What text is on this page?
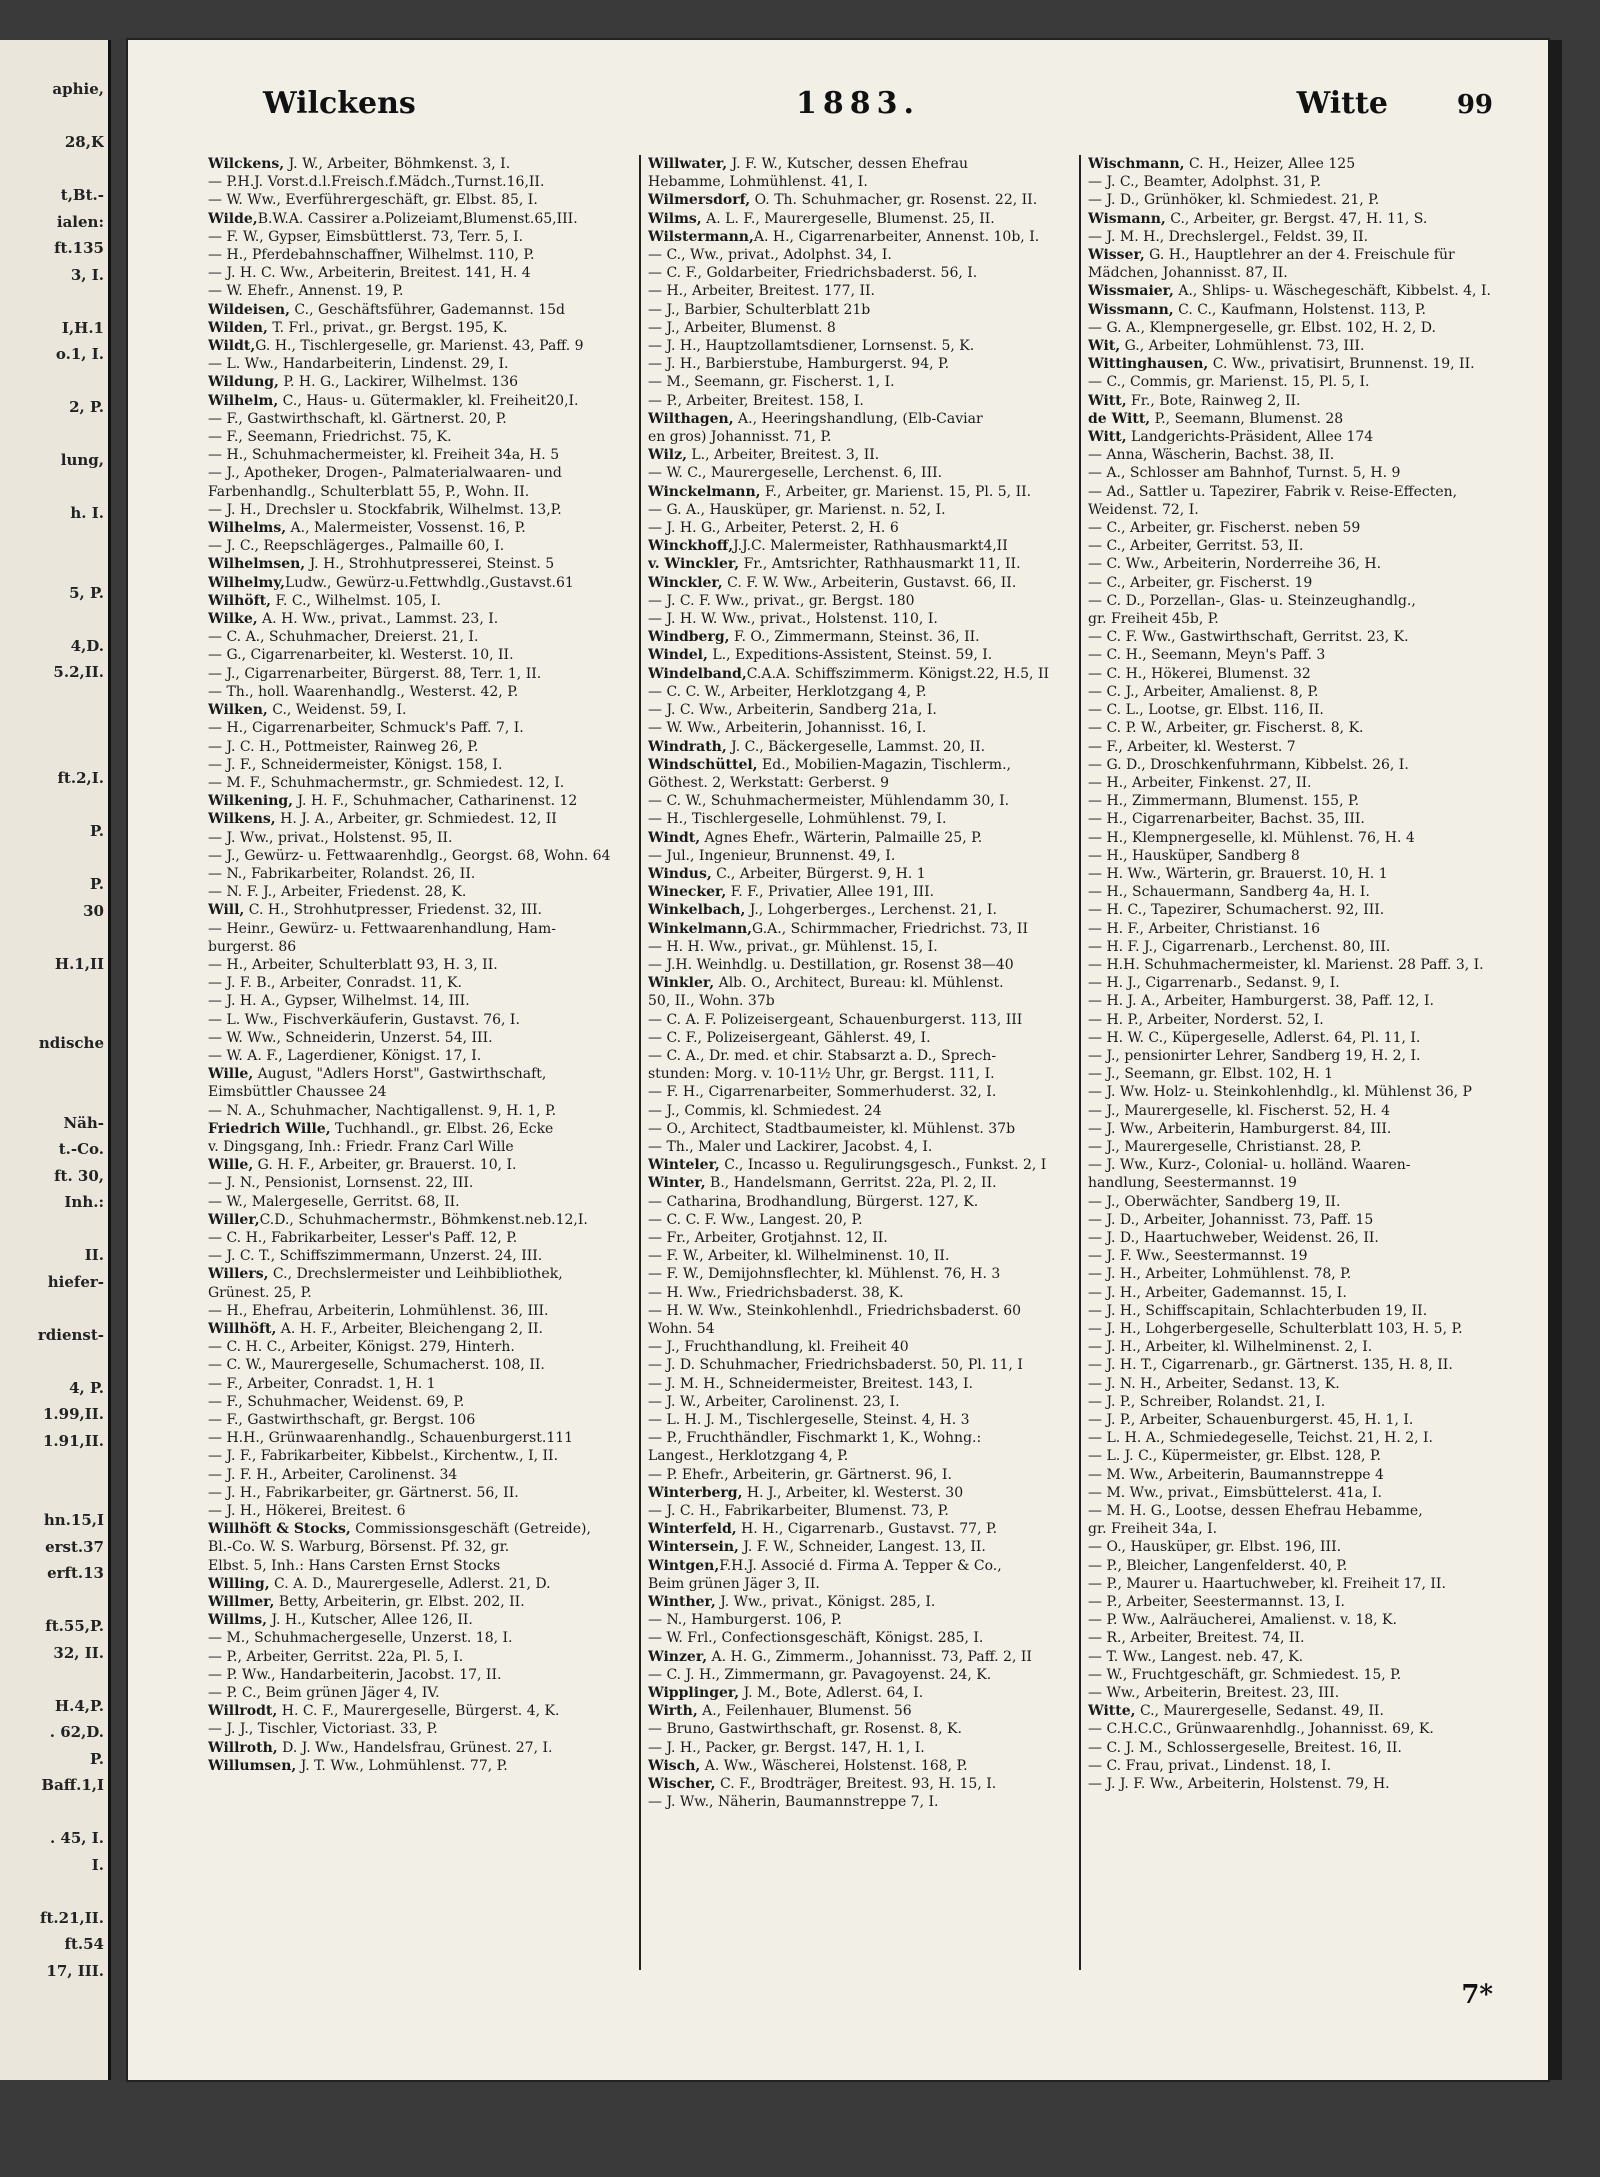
aphie,
28,K
t,Bt.-
ialen:
ft.135
3, I.
I,H.1
o.1, I.
2, P.
lung,
h. I.
5, P.
4,D.
5.2,II.
ft.2,I.
P.
P.
30
H.1,II
ndische
Näh-
t.-Co.
ft. 30,
Inh.:
II.
hiefer-
rdienst-
4, P.
1.99,II.
1.91,II.
hn.15,I
erst.37
erft.13
ft.55,P.
32, II.
H.4,P.
. 62,D.
P.
Baff.1,I
. 45, I.
I.
ft.21,II.
ft.54
17, III.
Wilckens	1883.	Witte	99
Wilckens, J. W., Arbeiter, Böhmkenst. 3, I.
— P.H.J. Vorst.d.l.Freisch.f.Mädch.,Turnst.16,II.
— W. Ww., Everführergeschäft, gr. Elbst. 85, I.
Wilde,B.W.A. Cassirer a.Polizeiamt,Blumenst.65,III.
— F. W., Gypser, Eimsbüttlerst. 73, Terr. 5, I.
— H., Pferdebahnschaffner, Wilhelmst. 110, P.
— J. H. C. Ww., Arbeiterin, Breitest. 141, H. 4
— W. Ehefr., Annenst. 19, P.
Wildeisen, C., Geschäftsführer, Gademannst. 15d
Wilden, T. Frl., privat., gr. Bergst. 195, K.
Wildt,G. H., Tischlergeselle, gr. Marienst. 43, Paff. 9
— L. Ww., Handarbeiterin, Lindenst. 29, I.
Wildung, P. H. G., Lackirer, Wilhelmst. 136
Wilhelm, C., Haus- u. Gütermakler, kl. Freiheit20,I.
— F., Gastwirthschaft, kl. Gärtnerst. 20, P.
— F., Seemann, Friedrichst. 75, K.
— H., Schuhmachermeister, kl. Freiheit 34a, H. 5
— J., Apotheker, Drogen-, Palmaterialwaaren- und
Farbenhandlg., Schulterblatt 55, P., Wohn. II.
— J. H., Drechsler u. Stockfabrik, Wilhelmst. 13,P.
Wilhelms, A., Malermeister, Vossenst. 16, P.
— J. C., Reepschlägerges., Palmaille 60, I.
Wilhelmsen, J. H., Strohhutpresserei, Steinst. 5
Wilhelmy,Ludw., Gewürz-u.Fettwhdlg.,Gustavst.61
Wilhöft, F. C., Wilhelmst. 105, I.
Wilke, A. H. Ww., privat., Lammst. 23, I.
— C. A., Schuhmacher, Dreierst. 21, I.
— G., Cigarrenarbeiter, kl. Westerst. 10, II.
— J., Cigarrenarbeiter, Bürgerst. 88, Terr. 1, II.
— Th., holl. Waarenhandlg., Westerst. 42, P.
Wilken, C., Weidenst. 59, I.
— H., Cigarrenarbeiter, Schmuck's Paff. 7, I.
— J. C. H., Pottmeister, Rainweg 26, P.
— J. F., Schneidermeister, Königst. 158, I.
— M. F., Schuhmachermstr., gr. Schmiedest. 12, I.
Wilkening, J. H. F., Schuhmacher, Catharinenst. 12
Wilkens, H. J. A., Arbeiter, gr. Schmiedest. 12, II
— J. Ww., privat., Holstenst. 95, II.
— J., Gewürz- u. Fettwaarenhdlg., Georgst. 68, Wohn. 64
— N., Fabrikarbeiter, Rolandst. 26, II.
— N. F. J., Arbeiter, Friedenst. 28, K.
Will, C. H., Strohhutpresser, Friedenst. 32, III.
— Heinr., Gewürz- u. Fettwaarenhandlung, Ham-
burgerst. 86
— H., Arbeiter, Schulterblatt 93, H. 3, II.
— J. F. B., Arbeiter, Conradst. 11, K.
— J. H. A., Gypser, Wilhelmst. 14, III.
— L. Ww., Fischverkäuferin, Gustavst. 76, I.
— W. Ww., Schneiderin, Unzerst. 54, III.
— W. A. F., Lagerdiener, Königst. 17, I.
Wille, August, "Adlers Horst", Gastwirthschaft,
Eimsbüttler Chaussee 24
— N. A., Schuhmacher, Nachtigallenst. 9, H. 1, P.
Friedrich Wille, Tuchhandl., gr. Elbst. 26, Ecke
v. Dingsgang, Inh.: Friedr. Franz Carl Wille
Wille, G. H. F., Arbeiter, gr. Brauerst. 10, I.
— J. N., Pensionist, Lornsenst. 22, III.
— W., Malergeselle, Gerritst. 68, II.
Willer,C.D., Schuhmachermstr., Böhmkenst.neb.12,I.
— C. H., Fabrikarbeiter, Lesser's Paff. 12, P.
— J. C. T., Schiffszimmermann, Unzerst. 24, III.
Willers, C., Drechslermeister und Leihbibliothek,
Grünest. 25, P.
— H., Ehefrau, Arbeiterin, Lohmühlenst. 36, III.
Willhöft, A. H. F., Arbeiter, Bleichengang 2, II.
— C. H. C., Arbeiter, Königst. 279, Hinterh.
— C. W., Maurergeselle, Schumacherst. 108, II.
— F., Arbeiter, Conradst. 1, H. 1
— F., Schuhmacher, Weidenst. 69, P.
— F., Gastwirthschaft, gr. Bergst. 106
— H.H., Grünwaarenhandlg., Schauenburgerst.111
— J. F., Fabrikarbeiter, Kibbelst., Kirchentw., I, II.
— J. F. H., Arbeiter, Carolinenst. 34
— J. H., Fabrikarbeiter, gr. Gärtnerst. 56, II.
— J. H., Hökerei, Breitest. 6
Willhöft & Stocks, Commissionsgeschäft (Getreide),
Bl.-Co. W. S. Warburg, Börsenst. Pf. 32, gr.
Elbst. 5, Inh.: Hans Carsten Ernst Stocks
Willing, C. A. D., Maurergeselle, Adlerst. 21, D.
Willmer, Betty, Arbeiterin, gr. Elbst. 202, II.
Willms, J. H., Kutscher, Allee 126, II.
— M., Schuhmachergeselle, Unzerst. 18, I.
— P., Arbeiter, Gerritst. 22a, Pl. 5, I.
— P. Ww., Handarbeiterin, Jacobst. 17, II.
— P. C., Beim grünen Jäger 4, IV.
Willrodt, H. C. F., Maurergeselle, Bürgerst. 4, K.
— J. J., Tischler, Victoriast. 33, P.
Willroth, D. J. Ww., Handelsfrau, Grünest. 27, I.
Willumsen, J. T. Ww., Lohmühlenst. 77, P.
Willwater, J. F. W., Kutscher, dessen Ehefrau
Hebamme, Lohmühlenst. 41, I.
Wilmersdorf, O. Th. Schuhmacher, gr. Rosenst. 22, II.
Wilms, A. L. F., Maurergeselle, Blumenst. 25, II.
Wilstermann,A. H., Cigarrenarbeiter, Annenst. 10b, I.
— C., Ww., privat., Adolphst. 34, I.
— C. F., Goldarbeiter, Friedrichsbaderst. 56, I.
— H., Arbeiter, Breitest. 177, II.
— J., Barbier, Schulterblatt 21b
— J., Arbeiter, Blumenst. 8
— J. H., Hauptzollamtsdiener, Lornsenst. 5, K.
— J. H., Barbierstube, Hamburgerst. 94, P.
— M., Seemann, gr. Fischerst. 1, I.
— P., Arbeiter, Breitest. 158, I.
Wilthagen, A., Heeringshandlung, (Elb-Caviar
en gros) Johannisst. 71, P.
Wilz, L., Arbeiter, Breitest. 3, II.
— W. C., Maurergeselle, Lerchenst. 6, III.
Winckelmann, F., Arbeiter, gr. Marienst. 15, Pl. 5, II.
— G. A., Hausküper, gr. Marienst. n. 52, I.
— J. H. G., Arbeiter, Peterst. 2, H. 6
Winckhoff,J.J.C. Malermeister, Rathhausmarkt4,II
v. Winckler, Fr., Amtsrichter, Rathhausmarkt 11, II.
Winckler, C. F. W. Ww., Arbeiterin, Gustavst. 66, II.
— J. C. F. Ww., privat., gr. Bergst. 180
— J. H. W. Ww., privat., Holstenst. 110, I.
Windberg, F. O., Zimmermann, Steinst. 36, II.
Windel, L., Expeditions-Assistent, Steinst. 59, I.
Windelband,C.A.A. Schiffszimmerm. Königst.22, H.5, II
— C. C. W., Arbeiter, Herklotzgang 4, P.
— J. C. Ww., Arbeiterin, Sandberg 21a, I.
— W. Ww., Arbeiterin, Johannisst. 16, I.
Windrath, J. C., Bäckergeselle, Lammst. 20, II.
Windschüttel, Ed., Mobilien-Magazin, Tischlerm.,
Göthest. 2, Werkstatt: Gerberst. 9
— C. W., Schuhmachermeister, Mühlendamm 30, I.
— H., Tischlergeselle, Lohmühlenst. 79, I.
Windt, Agnes Ehefr., Wärterin, Palmaille 25, P.
— Jul., Ingenieur, Brunnenst. 49, I.
Windus, C., Arbeiter, Bürgerst. 9, H. 1
Winecker, F. F., Privatier, Allee 191, III.
Winkelbach, J., Lohgerberges., Lerchenst. 21, I.
Winkelmann,G.A., Schirmmacher, Friedrichst. 73, II
— H. H. Ww., privat., gr. Mühlenst. 15, I.
— J.H. Weinhdlg. u. Destillation, gr. Rosenst 38—40
Winkler, Alb. O., Architect, Bureau: kl. Mühlenst.
50, II., Wohn. 37b
— C. A. F. Polizeisergeant, Schauenburgerst. 113, III
— C. F., Polizeisergeant, Gählerst. 49, I.
— C. A., Dr. med. et chir. Stabsarzt a. D., Sprech-
stunden: Morg. v. 10-11½ Uhr, gr. Bergst. 111, I.
— F. H., Cigarrenarbeiter, Sommerhuderst. 32, I.
— J., Commis, kl. Schmiedest. 24
— O., Architect, Stadtbaumeister, kl. Mühlenst. 37b
— Th., Maler und Lackirer, Jacobst. 4, I.
Winteler, C., Incasso u. Regulirungsgesch., Funkst. 2, I
Winter, B., Handelsmann, Gerritst. 22a, Pl. 2, II.
— Catharina, Brodhandlung, Bürgerst. 127, K.
— C. C. F. Ww., Langest. 20, P.
— Fr., Arbeiter, Grotjahnst. 12, II.
— F. W., Arbeiter, kl. Wilhelminenst. 10, II.
— F. W., Demijohnsflechter, kl. Mühlenst. 76, H. 3
— H. Ww., Friedrichsbaderst. 38, K.
— H. W. Ww., Steinkohlenhdl., Friedrichsbaderst. 60
Wohn. 54
— J., Fruchthandlung, kl. Freiheit 40
— J. D. Schuhmacher, Friedrichsbaderst. 50, Pl. 11, I
— J. M. H., Schneidermeister, Breitest. 143, I.
— J. W., Arbeiter, Carolinenst. 23, I.
— L. H. J. M., Tischlergeselle, Steinst. 4, H. 3
— P., Fruchthändler, Fischmarkt 1, K., Wohng.:
Langest., Herklotzgang 4, P.
— P. Ehefr., Arbeiterin, gr. Gärtnerst. 96, I.
Winterberg, H. J., Arbeiter, kl. Westerst. 30
— J. C. H., Fabrikarbeiter, Blumenst. 73, P.
Winterfeld, H. H., Cigarrenarb., Gustavst. 77, P.
Wintersein, J. F. W., Schneider, Langest. 13, II.
Wintgen,F.H.J. Associé d. Firma A. Tepper & Co.,
Beim grünen Jäger 3, II.
Winther, J. Ww., privat., Königst. 285, I.
— N., Hamburgerst. 106, P.
— W. Frl., Confectionsgeschäft, Königst. 285, I.
Winzer, A. H. G., Zimmerm., Johannisst. 73, Paff. 2, II
— C. J. H., Zimmermann, gr. Pavagoyenst. 24, K.
Wipplinger, J. M., Bote, Adlerst. 64, I.
Wirth, A., Feilenhauer, Blumenst. 56
— Bruno, Gastwirthschaft, gr. Rosenst. 8, K.
— J. H., Packer, gr. Bergst. 147, H. 1, I.
Wisch, A. Ww., Wäscherei, Holstenst. 168, P.
Wischer, C. F., Brodträger, Breitest. 93, H. 15, I.
— J. Ww., Näherin, Baumannstreppe 7, I.
Wischmann, C. H., Heizer, Allee 125
— J. C., Beamter, Adolphst. 31, P.
— J. D., Grünhöker, kl. Schmiedest. 21, P.
Wismann, C., Arbeiter, gr. Bergst. 47, H. 11, S.
— J. M. H., Drechslergel., Feldst. 39, II.
Wisser, G. H., Hauptlehrer an der 4. Freischule für
Mädchen, Johannisst. 87, II.
Wissmaier, A., Shlips- u. Wäschegeschäft, Kibbelst. 4, I.
Wissmann, C. C., Kaufmann, Holstenst. 113, P.
— G. A., Klempnergeselle, gr. Elbst. 102, H. 2, D.
Wit, G., Arbeiter, Lohmühlenst. 73, III.
Wittinghausen, C. Ww., privatisirt, Brunnenst. 19, II.
— C., Commis, gr. Marienst. 15, Pl. 5, I.
Witt, Fr., Bote, Rainweg 2, II.
de Witt, P., Seemann, Blumenst. 28
Witt, Landgerichts-Präsident, Allee 174
— Anna, Wäscherin, Bachst. 38, II.
— A., Schlosser am Bahnhof, Turnst. 5, H. 9
— Ad., Sattler u. Tapezirer, Fabrik v. Reise-Effecten,
Weidenst. 72, I.
— C., Arbeiter, gr. Fischerst. neben 59
— C., Arbeiter, Gerritst. 53, II.
— C. Ww., Arbeiterin, Norderreihe 36, H.
— C., Arbeiter, gr. Fischerst. 19
— C. D., Porzellan-, Glas- u. Steinzeughandlg.,
gr. Freiheit 45b, P.
— C. F. Ww., Gastwirthschaft, Gerritst. 23, K.
— C. H., Seemann, Meyn's Paff. 3
— C. H., Hökerei, Blumenst. 32
— C. J., Arbeiter, Amalienst. 8, P.
— C. L., Lootse, gr. Elbst. 116, II.
— C. P. W., Arbeiter, gr. Fischerst. 8, K.
— F., Arbeiter, kl. Westerst. 7
— G. D., Droschkenfuhrmann, Kibbelst. 26, I.
— H., Arbeiter, Finkenst. 27, II.
— H., Zimmermann, Blumenst. 155, P.
— H., Cigarrenarbeiter, Bachst. 35, III.
— H., Klempnergeselle, kl. Mühlenst. 76, H. 4
— H., Hausküper, Sandberg 8
— H. Ww., Wärterin, gr. Brauerst. 10, H. 1
— H., Schauermann, Sandberg 4a, H. I.
— H. C., Tapezirer, Schumacherst. 92, III.
— H. F., Arbeiter, Christianst. 16
— H. F. J., Cigarrenarb., Lerchenst. 80, III.
— H.H. Schuhmachermeister, kl. Marienst. 28 Paff. 3, I.
— H. J., Cigarrenarb., Sedanst. 9, I.
— H. J. A., Arbeiter, Hamburgerst. 38, Paff. 12, I.
— H. P., Arbeiter, Norderst. 52, I.
— H. W. C., Küpergeselle, Adlerst. 64, Pl. 11, I.
— J., pensionirter Lehrer, Sandberg 19, H. 2, I.
— J., Seemann, gr. Elbst. 102, H. 1
— J. Ww. Holz- u. Steinkohlenhdlg., kl. Mühlenst 36, P
— J., Maurergeselle, kl. Fischerst. 52, H. 4
— J. Ww., Arbeiterin, Hamburgerst. 84, III.
— J., Maurergeselle, Christianst. 28, P.
— J. Ww., Kurz-, Colonial- u. holländ. Waaren-
handlung, Seestermannst. 19
— J., Oberwächter, Sandberg 19, II.
— J. D., Arbeiter, Johannisst. 73, Paff. 15
— J. D., Haartuchweber, Weidenst. 26, II.
— J. F. Ww., Seestermannst. 19
— J. H., Arbeiter, Lohmühlenst. 78, P.
— J. H., Arbeiter, Gademannst. 15, I.
— J. H., Schiffscapitain, Schlachterbuden 19, II.
— J. H., Lohgerbergeselle, Schulterblatt 103, H. 5, P.
— J. H., Arbeiter, kl. Wilhelminenst. 2, I.
— J. H. T., Cigarrenarb., gr. Gärtnerst. 135, H. 8, II.
— J. N. H., Arbeiter, Sedanst. 13, K.
— J. P., Schreiber, Rolandst. 21, I.
— J. P., Arbeiter, Schauenburgerst. 45, H. 1, I.
— L. H. A., Schmiedegeselle, Teichst. 21, H. 2, I.
— L. J. C., Küpermeister, gr. Elbst. 128, P.
— M. Ww., Arbeiterin, Baumannstreppe 4
— M. Ww., privat., Eimsbüttelerst. 41a, I.
— M. H. G., Lootse, dessen Ehefrau Hebamme,
gr. Freiheit 34a, I.
— O., Hausküper, gr. Elbst. 196, III.
— P., Bleicher, Langenfelderst. 40, P.
— P., Maurer u. Haartuchweber, kl. Freiheit 17, II.
— P., Arbeiter, Seestermannst. 13, I.
— P. Ww., Aalräucherei, Amalienst. v. 18, K.
— R., Arbeiter, Breitest. 74, II.
— T. Ww., Langest. neb. 47, K.
— W., Fruchtgeschäft, gr. Schmiedest. 15, P.
— Ww., Arbeiterin, Breitest. 23, III.
Witte, C., Maurergeselle, Sedanst. 49, II.
— C.H.C.C., Grünwaarenhdlg., Johannisst. 69, K.
— C. J. M., Schlossergeselle, Breitest. 16, II.
— C. Frau, privat., Lindenst. 18, I.
— J. J. F. Ww., Arbeiterin, Holstenst. 79, H.
7*
